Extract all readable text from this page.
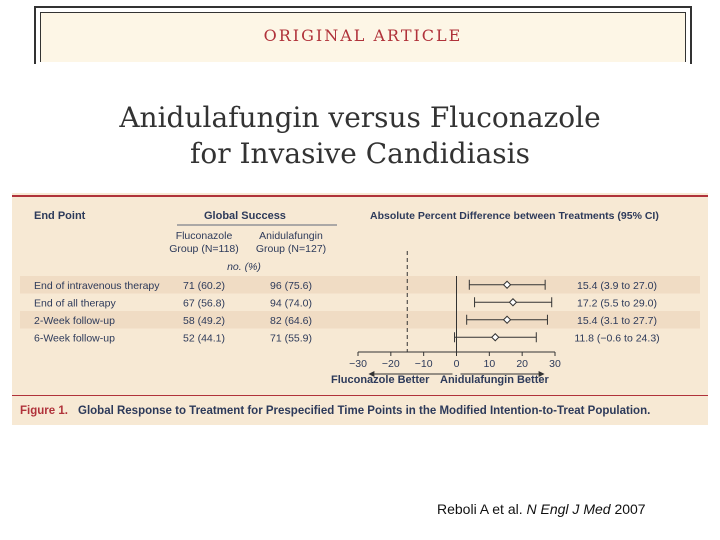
ORIGINAL ARTICLE
Anidulafungin versus Fluconazole
for Invasive Candidiasis
End Point	Global Success	Absolute Percent Difference between Treatments (95% CI)
Fluconazole
Group (N=118)
Anidulafungin
Group (N=127)
no. (%)
End of intravenous therapy 71 (60.2)	96 (75.6)	15.4 (3.9 to 27.0)
End of all therapy	67 (56.8)	94 (74.0)	17.2 (5.5 to 29.0)
2-Week follow-up	58 (49.2)	82 (64.6)	15.4 (3.1 to 27.7)
6-Week follow-up	52 (44.1)	71 (55.9)	11.8 (−0.6 to 24.3)
−30 −20 −10 0 10 20 30
Fluconazole Better Anidulafungin Better
Figure 1. Global Response to Treatment for Prespecified Time Points in the Modified Intention-to-Treat Population.
Reboli A et al. N Engl J Med 2007
